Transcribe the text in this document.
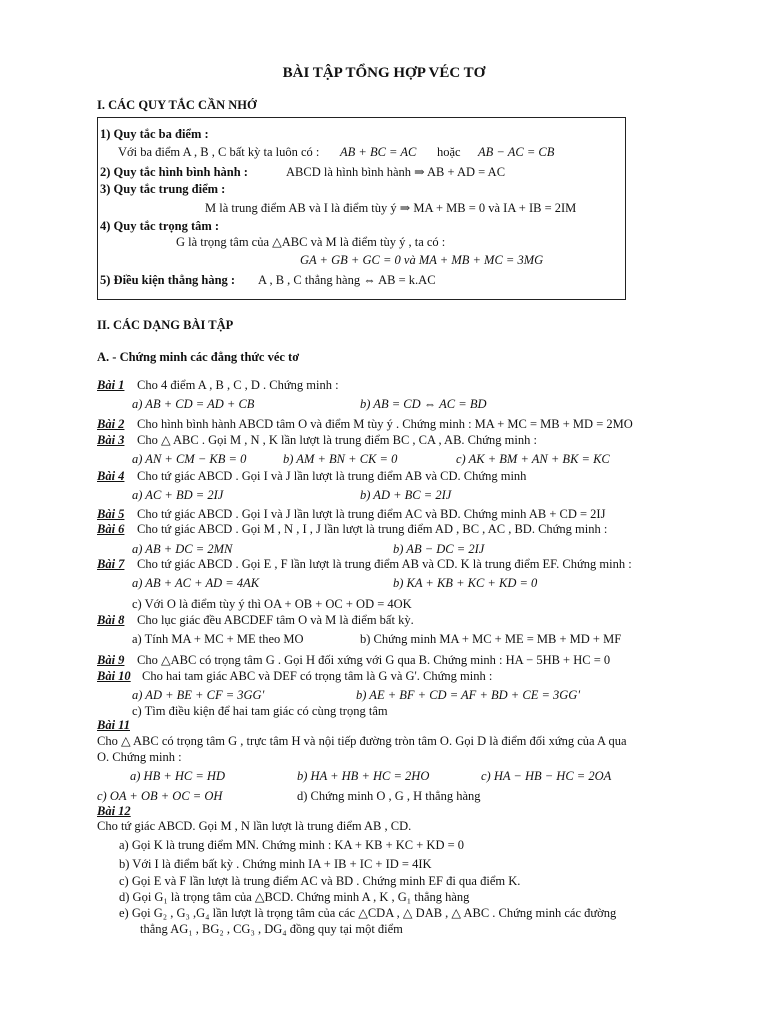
BÀI TẬP TỔNG HỢP VÉC TƠ
I. CÁC QUY TẮC CẦN NHỚ
1) Quy tắc ba điểm :
Với ba điểm A , B , C bất kỳ ta luôn có : AB + BC = AC hoặc AB − AC = CB
2) Quy tắc hình bình hành :	ABCD là hình bình hành ⇒ AB + AD = AC
3) Quy tắc trung điểm :
M là trung điểm AB và I là điểm tùy ý ⇒ MA + MB = 0 và IA + IB = 2IM
4) Quy tắc trọng tâm :
G là trọng tâm của △ABC và M là điểm tùy ý , ta có :
GA + GB + GC = 0 và MA + MB + MC = 3MG
5) Điều kiện thẳng hàng : A , B , C thẳng hàng ⇔ AB = k.AC
II. CÁC DẠNG BÀI TẬP
A. - Chứng minh các đẳng thức véc tơ
Bài 1 Cho 4 điểm A , B , C , D . Chứng minh :
a) AB + CD = AD + CB	b) AB = CD ⇔ AC = BD
Bài 2 Cho hình bình hành ABCD tâm O và điểm M tùy ý . Chứng minh : MA + MC = MB + MD = 2MO
Bài 3 Cho △ ABC . Gọi M , N , K lần lượt là trung điểm BC , CA , AB. Chứng minh :
a) AN + CM − KB = 0	b) AM + BN + CK = 0	c) AK + BM + AN + BK = KC
Bài 4 Cho tứ giác ABCD . Gọi I và J lần lượt là trung điểm AB và CD. Chứng minh
a) AC + BD = 2IJ	b) AD + BC = 2IJ
Bài 5 Cho tứ giác ABCD . Gọi I và J lần lượt là trung điểm AC và BD. Chứng minh AB + CD = 2IJ
Bài 6 Cho tứ giác ABCD . Gọi M , N , I , J lần lượt là trung điểm AD , BC , AC , BD. Chứng minh :
a) AB + DC = 2MN	b) AB − DC = 2IJ
Bài 7 Cho tứ giác ABCD . Gọi E , F lần lượt là trung điểm AB và CD. K là trung điểm EF. Chứng minh :
a) AB + AC + AD = 4AK	b) KA + KB + KC + KD = 0
c) Với O là điểm tùy ý thì OA + OB + OC + OD = 4OK
Bài 8 Cho lục giác đều ABCDEF tâm O và M là điểm bất kỳ.
a) Tính MA + MC + ME theo MO	b) Chứng minh MA + MC + ME = MB + MD + MF
Bài 9 Cho △ABC có trọng tâm G . Gọi H đối xứng với G qua B. Chứng minh : HA − 5HB + HC = 0
Bài 10 Cho hai tam giác ABC và DEF có trọng tâm là G và G'. Chứng minh :
a) AD + BE + CF = 3GG'	b) AE + BF + CD = AF + BD + CE = 3GG'
c) Tìm điều kiện để hai tam giác có cùng trọng tâm
Bài 11
Cho △ ABC có trọng tâm G , trực tâm H và nội tiếp đường tròn tâm O. Gọi D là điểm đối xứng của A qua
O. Chứng minh :
a) HB + HC = HD	b) HA + HB + HC = 2HO	c) HA − HB − HC = 2OA
c) OA + OB + OC = OH	d) Chứng minh O , G , H thẳng hàng
Bài 12
Cho tứ giác ABCD. Gọi M , N lần lượt là trung điểm AB , CD.
a) Gọi K là trung điểm MN. Chứng minh : KA + KB + KC + KD = 0
b) Với I là điểm bất kỳ . Chứng minh IA + IB + IC + ID = 4IK
c) Gọi E và F lần lượt là trung điểm AC và BD . Chứng minh EF đi qua điểm K.
d) Gọi G₁ là trọng tâm của △BCD. Chứng minh A , K , G₁ thẳng hàng
e) Gọi G₂ , G₃ ,G₄ lần lượt là trọng tâm của các △CDA , △ DAB , △ ABC . Chứng minh các đường
thẳng AG₁ , BG₂ , CG₃ , DG₄ đồng quy tại một điểm
